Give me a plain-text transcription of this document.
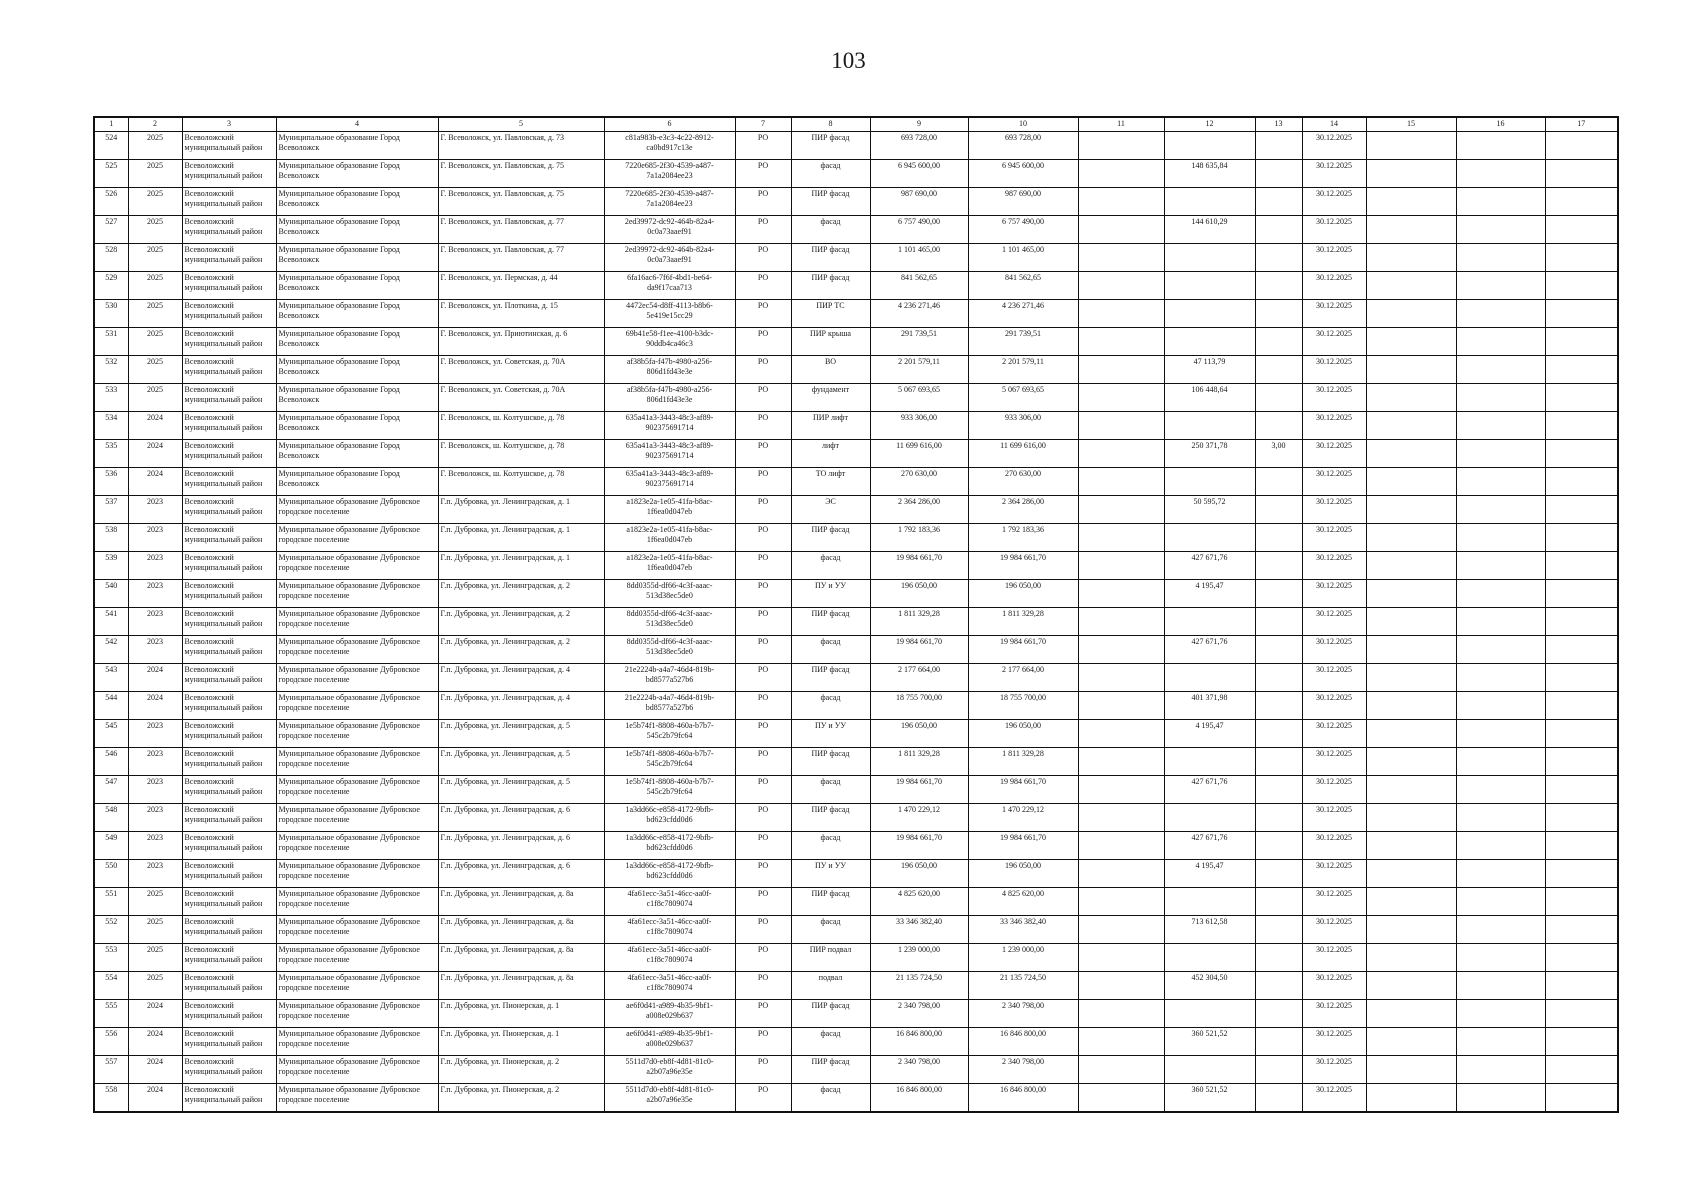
103
1	2	3	4	5	6	7	8	9	10	11	12	13	14	15	16	17
524	2025	Всеволожский муниципальный район	Муниципальное образование Город Всеволожск	Г. Всеволожск, ул. Павловская, д. 73	c81a983b-e3c3-4c22-8912-ca0bd917c13e	РО	ПИР фасад	693 728,00	693 728,00				30.12.2025			
525	2025	Всеволожский муниципальный район	Муниципальное образование Город Всеволожск	Г. Всеволожск, ул. Павловская, д. 75	7220e685-2f30-4539-a487-7a1a2084ee23	РО	фасад	6 945 600,00	6 945 600,00		148 635,84		30.12.2025			
526	2025	Всеволожский муниципальный район	Муниципальное образование Город Всеволожск	Г. Всеволожск, ул. Павловская, д. 75	7220e685-2f30-4539-a487-7a1a2084ee23	РО	ПИР фасад	987 690,00	987 690,00				30.12.2025			
527	2025	Всеволожский муниципальный район	Муниципальное образование Город Всеволожск	Г. Всеволожск, ул. Павловская, д. 77	2ed39972-dc92-464b-82a4-0c0a73aaef91	РО	фасад	6 757 490,00	6 757 490,00		144 610,29		30.12.2025			
528	2025	Всеволожский муниципальный район	Муниципальное образование Город Всеволожск	Г. Всеволожск, ул. Павловская, д. 77	2ed39972-dc92-464b-82a4-0c0a73aaef91	РО	ПИР фасад	1 101 465,00	1 101 465,00				30.12.2025			
529	2025	Всеволожский муниципальный район	Муниципальное образование Город Всеволожск	Г. Всеволожск, ул. Пермская, д. 44	6fa16ac6-7f6f-4bd1-be64-da9f17caa713	РО	ПИР фасад	841 562,65	841 562,65				30.12.2025			
530	2025	Всеволожский муниципальный район	Муниципальное образование Город Всеволожск	Г. Всеволожск, ул. Плоткина, д. 15	4472ec54-d8ff-4113-b8b6-5e419e15cc29	РО	ПИР ТС	4 236 271,46	4 236 271,46				30.12.2025			
531	2025	Всеволожский муниципальный район	Муниципальное образование Город Всеволожск	Г. Всеволожск, ул. Приютинская, д. 6	69b41e58-f1ee-4100-b3dc-90ddb4ca46c3	РО	ПИР крыша	291 739,51	291 739,51				30.12.2025			
532	2025	Всеволожский муниципальный район	Муниципальное образование Город Всеволожск	Г. Всеволожск, ул. Советская, д. 70А	af38b5fa-f47b-4980-a256-806d1fd43e3e	РО	ВО	2 201 579,11	2 201 579,11		47 113,79		30.12.2025			
533	2025	Всеволожский муниципальный район	Муниципальное образование Город Всеволожск	Г. Всеволожск, ул. Советская, д. 70А	af38b5fa-f47b-4980-a256-806d1fd43e3e	РО	фундамент	5 067 693,65	5 067 693,65		106 448,64		30.12.2025			
534	2024	Всеволожский муниципальный район	Муниципальное образование Город Всеволожск	Г. Всеволожск, ш. Колтушское, д. 78	635a41a3-3443-48c3-af89-902375691714	РО	ПИР лифт	933 306,00	933 306,00				30.12.2025			
535	2024	Всеволожский муниципальный район	Муниципальное образование Город Всеволожск	Г. Всеволожск, ш. Колтушское, д. 78	635a41a3-3443-48c3-af89-902375691714	РО	лифт	11 699 616,00	11 699 616,00		250 371,78	3,00	30.12.2025			
536	2024	Всеволожский муниципальный район	Муниципальное образование Город Всеволожск	Г. Всеволожск, ш. Колтушское, д. 78	635a41a3-3443-48c3-af89-902375691714	РО	ТО лифт	270 630,00	270 630,00				30.12.2025			
537	2023	Всеволожский муниципальный район	Муниципальное образование Дубровское городское поселение	Г.п. Дубровка, ул. Ленинградская, д. 1	a1823e2a-1e05-41fa-b8ac-1f6ea0d047eb	РО	ЭС	2 364 286,00	2 364 286,00		50 595,72		30.12.2025			
538	2023	Всеволожский муниципальный район	Муниципальное образование Дубровское городское поселение	Г.п. Дубровка, ул. Ленинградская, д. 1	a1823e2a-1e05-41fa-b8ac-1f6ea0d047eb	РО	ПИР фасад	1 792 183,36	1 792 183,36				30.12.2025			
539	2023	Всеволожский муниципальный район	Муниципальное образование Дубровское городское поселение	Г.п. Дубровка, ул. Ленинградская, д. 1	a1823e2a-1e05-41fa-b8ac-1f6ea0d047eb	РО	фасад	19 984 661,70	19 984 661,70		427 671,76		30.12.2025			
540	2023	Всеволожский муниципальный район	Муниципальное образование Дубровское городское поселение	Г.п. Дубровка, ул. Ленинградская, д. 2	8dd0355d-df66-4c3f-aaac-513d38ec5de0	РО	ПУ и УУ	196 050,00	196 050,00		4 195,47		30.12.2025			
541	2023	Всеволожский муниципальный район	Муниципальное образование Дубровское городское поселение	Г.п. Дубровка, ул. Ленинградская, д. 2	8dd0355d-df66-4c3f-aaac-513d38ec5de0	РО	ПИР фасад	1 811 329,28	1 811 329,28				30.12.2025			
542	2023	Всеволожский муниципальный район	Муниципальное образование Дубровское городское поселение	Г.п. Дубровка, ул. Ленинградская, д. 2	8dd0355d-df66-4c3f-aaac-513d38ec5de0	РО	фасад	19 984 661,70	19 984 661,70		427 671,76		30.12.2025			
543	2024	Всеволожский муниципальный район	Муниципальное образование Дубровское городское поселение	Г.п. Дубровка, ул. Ленинградская, д. 4	21e2224b-a4a7-46d4-819b-bd8577a527b6	РО	ПИР фасад	2 177 664,00	2 177 664,00				30.12.2025			
544	2024	Всеволожский муниципальный район	Муниципальное образование Дубровское городское поселение	Г.п. Дубровка, ул. Ленинградская, д. 4	21e2224b-a4a7-46d4-819b-bd8577a527b6	РО	фасад	18 755 700,00	18 755 700,00		401 371,98		30.12.2025			
545	2023	Всеволожский муниципальный район	Муниципальное образование Дубровское городское поселение	Г.п. Дубровка, ул. Ленинградская, д. 5	1e5b74f1-8808-460a-b7b7-545c2b79fc64	РО	ПУ и УУ	196 050,00	196 050,00		4 195,47		30.12.2025			
546	2023	Всеволожский муниципальный район	Муниципальное образование Дубровское городское поселение	Г.п. Дубровка, ул. Ленинградская, д. 5	1e5b74f1-8808-460a-b7b7-545c2b79fc64	РО	ПИР фасад	1 811 329,28	1 811 329,28				30.12.2025			
547	2023	Всеволожский муниципальный район	Муниципальное образование Дубровское городское поселение	Г.п. Дубровка, ул. Ленинградская, д. 5	1e5b74f1-8808-460a-b7b7-545c2b79fc64	РО	фасад	19 984 661,70	19 984 661,70		427 671,76		30.12.2025			
548	2023	Всеволожский муниципальный район	Муниципальное образование Дубровское городское поселение	Г.п. Дубровка, ул. Ленинградская, д. 6	1a3dd66c-e858-4172-9bfb-bd623cfdd0d6	РО	ПИР фасад	1 470 229,12	1 470 229,12				30.12.2025			
549	2023	Всеволожский муниципальный район	Муниципальное образование Дубровское городское поселение	Г.п. Дубровка, ул. Ленинградская, д. 6	1a3dd66c-e858-4172-9bfb-bd623cfdd0d6	РО	фасад	19 984 661,70	19 984 661,70		427 671,76		30.12.2025			
550	2023	Всеволожский муниципальный район	Муниципальное образование Дубровское городское поселение	Г.п. Дубровка, ул. Ленинградская, д. 6	1a3dd66c-e858-4172-9bfb-bd623cfdd0d6	РО	ПУ и УУ	196 050,00	196 050,00		4 195,47		30.12.2025			
551	2025	Всеволожский муниципальный район	Муниципальное образование Дубровское городское поселение	Г.п. Дубровка, ул. Ленинградская, д. 8а	4fa61ecc-3a51-46cc-aa0f-c1f8c7809074	РО	ПИР фасад	4 825 620,00	4 825 620,00				30.12.2025			
552	2025	Всеволожский муниципальный район	Муниципальное образование Дубровское городское поселение	Г.п. Дубровка, ул. Ленинградская, д. 8а	4fa61ecc-3a51-46cc-aa0f-c1f8c7809074	РО	фасад	33 346 382,40	33 346 382,40		713 612,58		30.12.2025			
553	2025	Всеволожский муниципальный район	Муниципальное образование Дубровское городское поселение	Г.п. Дубровка, ул. Ленинградская, д. 8а	4fa61ecc-3a51-46cc-aa0f-c1f8c7809074	РО	ПИР подвал	1 239 000,00	1 239 000,00				30.12.2025			
554	2025	Всеволожский муниципальный район	Муниципальное образование Дубровское городское поселение	Г.п. Дубровка, ул. Ленинградская, д. 8а	4fa61ecc-3a51-46cc-aa0f-c1f8c7809074	РО	подвал	21 135 724,50	21 135 724,50		452 304,50		30.12.2025			
555	2024	Всеволожский муниципальный район	Муниципальное образование Дубровское городское поселение	Г.п. Дубровка, ул. Пионерская, д. 1	ae6f0d41-a989-4b35-9bf1-a008e029b637	РО	ПИР фасад	2 340 798,00	2 340 798,00				30.12.2025			
556	2024	Всеволожский муниципальный район	Муниципальное образование Дубровское городское поселение	Г.п. Дубровка, ул. Пионерская, д. 1	ae6f0d41-a989-4b35-9bf1-a008e029b637	РО	фасад	16 846 800,00	16 846 800,00		360 521,52		30.12.2025			
557	2024	Всеволожский муниципальный район	Муниципальное образование Дубровское городское поселение	Г.п. Дубровка, ул. Пионерская, д. 2	5511d7d0-eb8f-4d81-81c0-a2b07a96e35e	РО	ПИР фасад	2 340 798,00	2 340 798,00				30.12.2025			
558	2024	Всеволожский муниципальный район	Муниципальное образование Дубровское городское поселение	Г.п. Дубровка, ул. Пионерская, д. 2	5511d7d0-eb8f-4d81-81c0-a2b07a96e35e	РО	фасад	16 846 800,00	16 846 800,00		360 521,52		30.12.2025			
